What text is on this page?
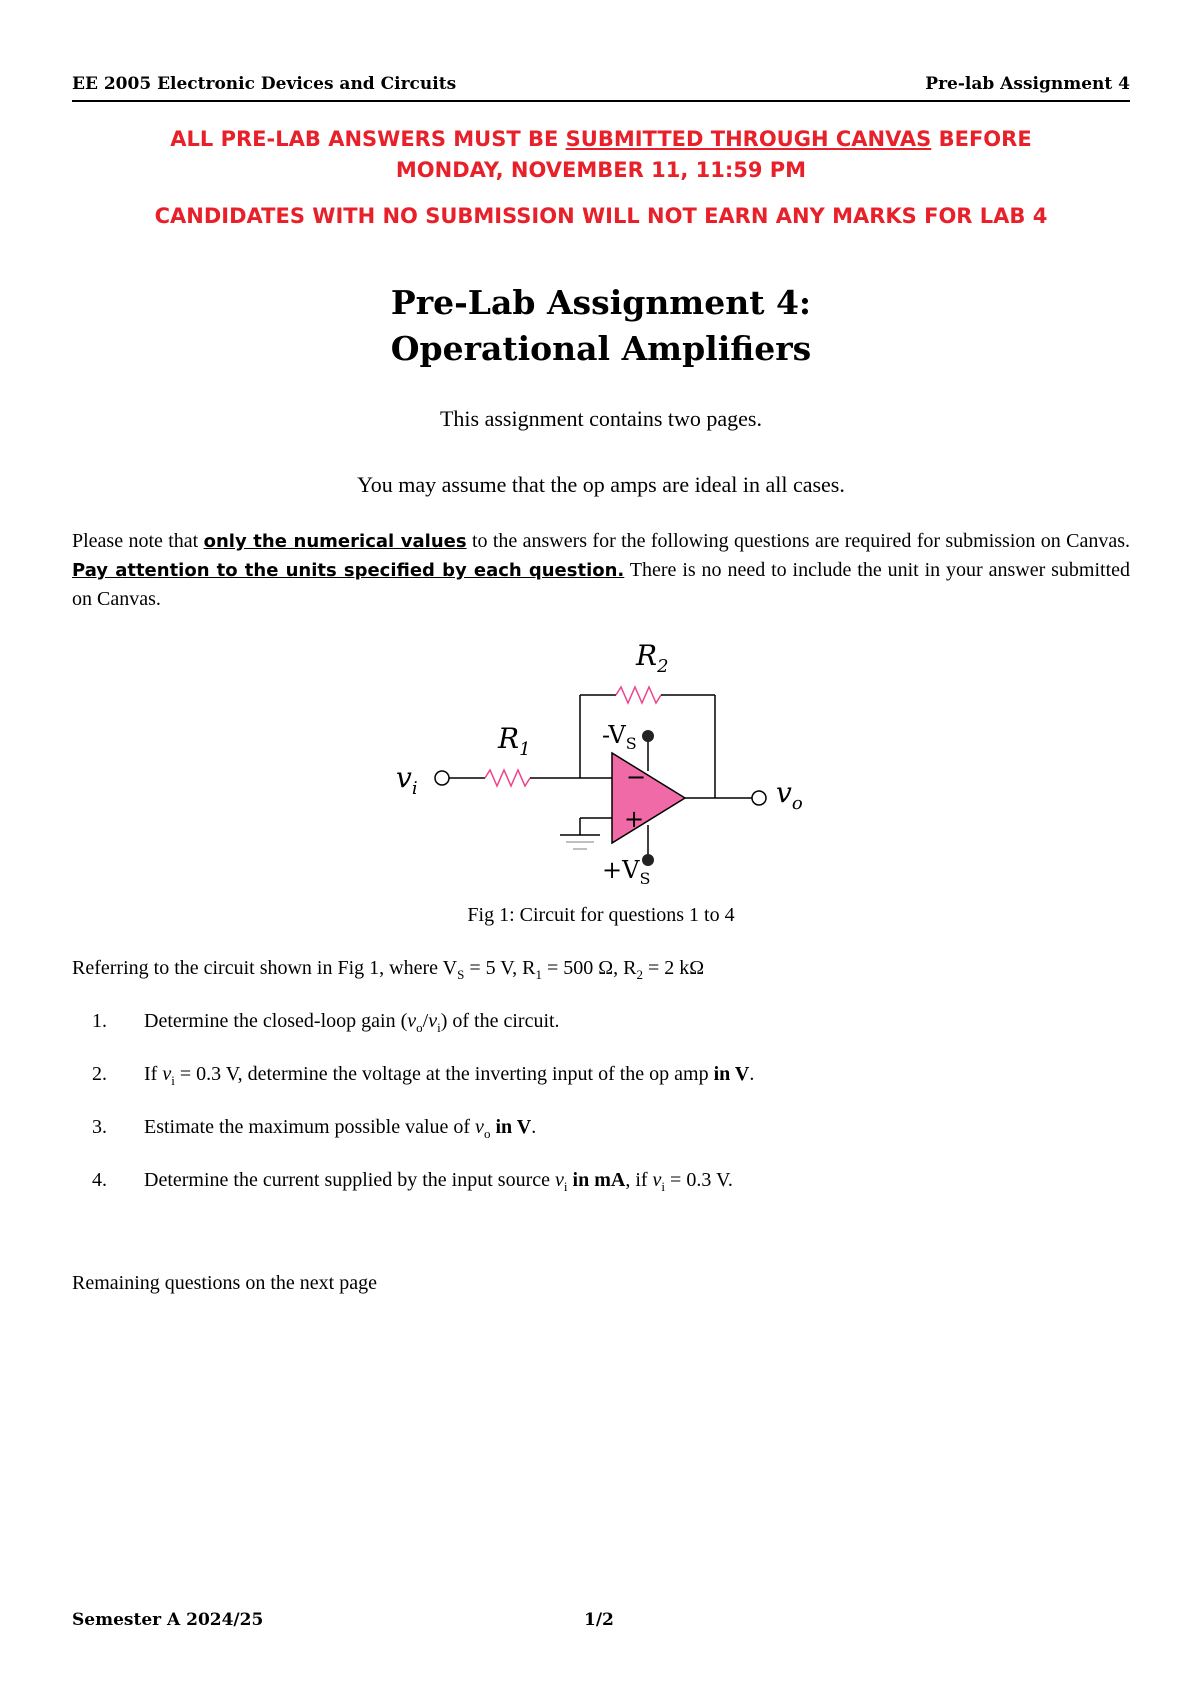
EE 2005 Electronic Devices and Circuits	Pre-lab Assignment 4
ALL PRE-LAB ANSWERS MUST BE SUBMITTED THROUGH CANVAS BEFORE
MONDAY, NOVEMBER 11, 11:59 PM
CANDIDATES WITH NO SUBMISSION WILL NOT EARN ANY MARKS FOR LAB 4
Pre-Lab Assignment 4:
Operational Amplifiers
This assignment contains two pages.
You may assume that the op amps are ideal in all cases.
Please note that only the numerical values to the answers for the following questions are required for submission on Canvas. Pay attention to the units specified by each question. There is no need to include the unit in your answer submitted on Canvas.
−
+
$R_2$
$R_1$
$-V_S$
$+V_S$
$v_i$	$v_o$
Fig 1: Circuit for questions 1 to 4
Referring to the circuit shown in Fig 1, where $V_S = 5$ V, $R_1 = 500$ Ω, $R_2 = 2$ kΩ
1. Determine the closed-loop gain $(v_o/v_i)$ of the circuit.
2. If $v_i = 0.3$ V, determine the voltage at the inverting input of the op amp in V.
3. Estimate the maximum possible value of $v_o$ in V.
4. Determine the current supplied by the input source $v_i$ in mA, if $v_i = 0.3$ V.
Remaining questions on the next page
Semester A 2024/25	1/2
